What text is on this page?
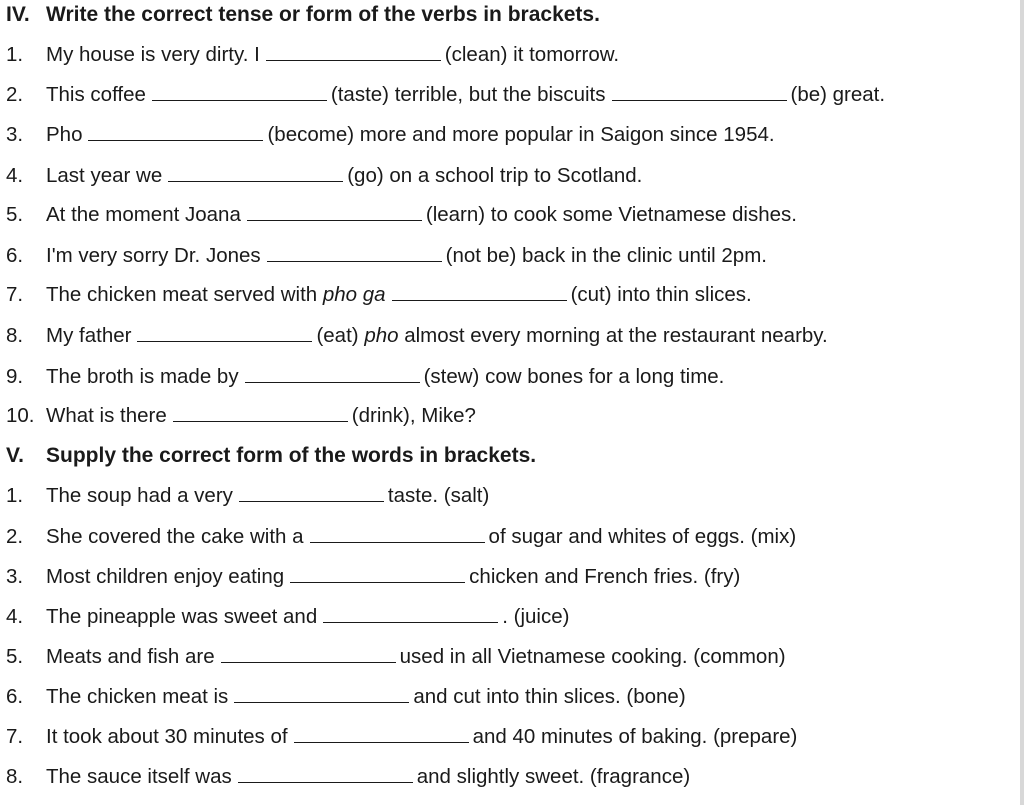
IV. Write the correct tense or form of the verbs in brackets.
1. My house is very dirty. I	(clean) it tomorrow.
2. This coffee	(taste) terrible, but the biscuits	(be) great.
3. Pho	(become) more and more popular in Saigon since 1954.
4. Last year we	(go) on a school trip to Scotland.
5. At the moment Joana	(learn) to cook some Vietnamese dishes.
6. I'm very sorry Dr. Jones	(not be) back in the clinic until 2pm.
7. The chicken meat served with pho ga	(cut) into thin slices.
8. My father	(eat) pho almost every morning at the restaurant nearby.
9. The broth is made by	(stew) cow bones for a long time.
10. What is there	(drink), Mike?
V. Supply the correct form of the words in brackets.
1. The soup had a very	taste. (salt)
2. She covered the cake with a	of sugar and whites of eggs. (mix)
3. Most children enjoy eating	chicken and French fries. (fry)
4. The pineapple was sweet and	. (juice)
5. Meats and fish are	used in all Vietnamese cooking. (common)
6. The chicken meat is	and cut into thin slices. (bone)
7. It took about 30 minutes of	and 40 minutes of baking. (prepare)
8. The sauce itself was	and slightly sweet. (fragrance)
